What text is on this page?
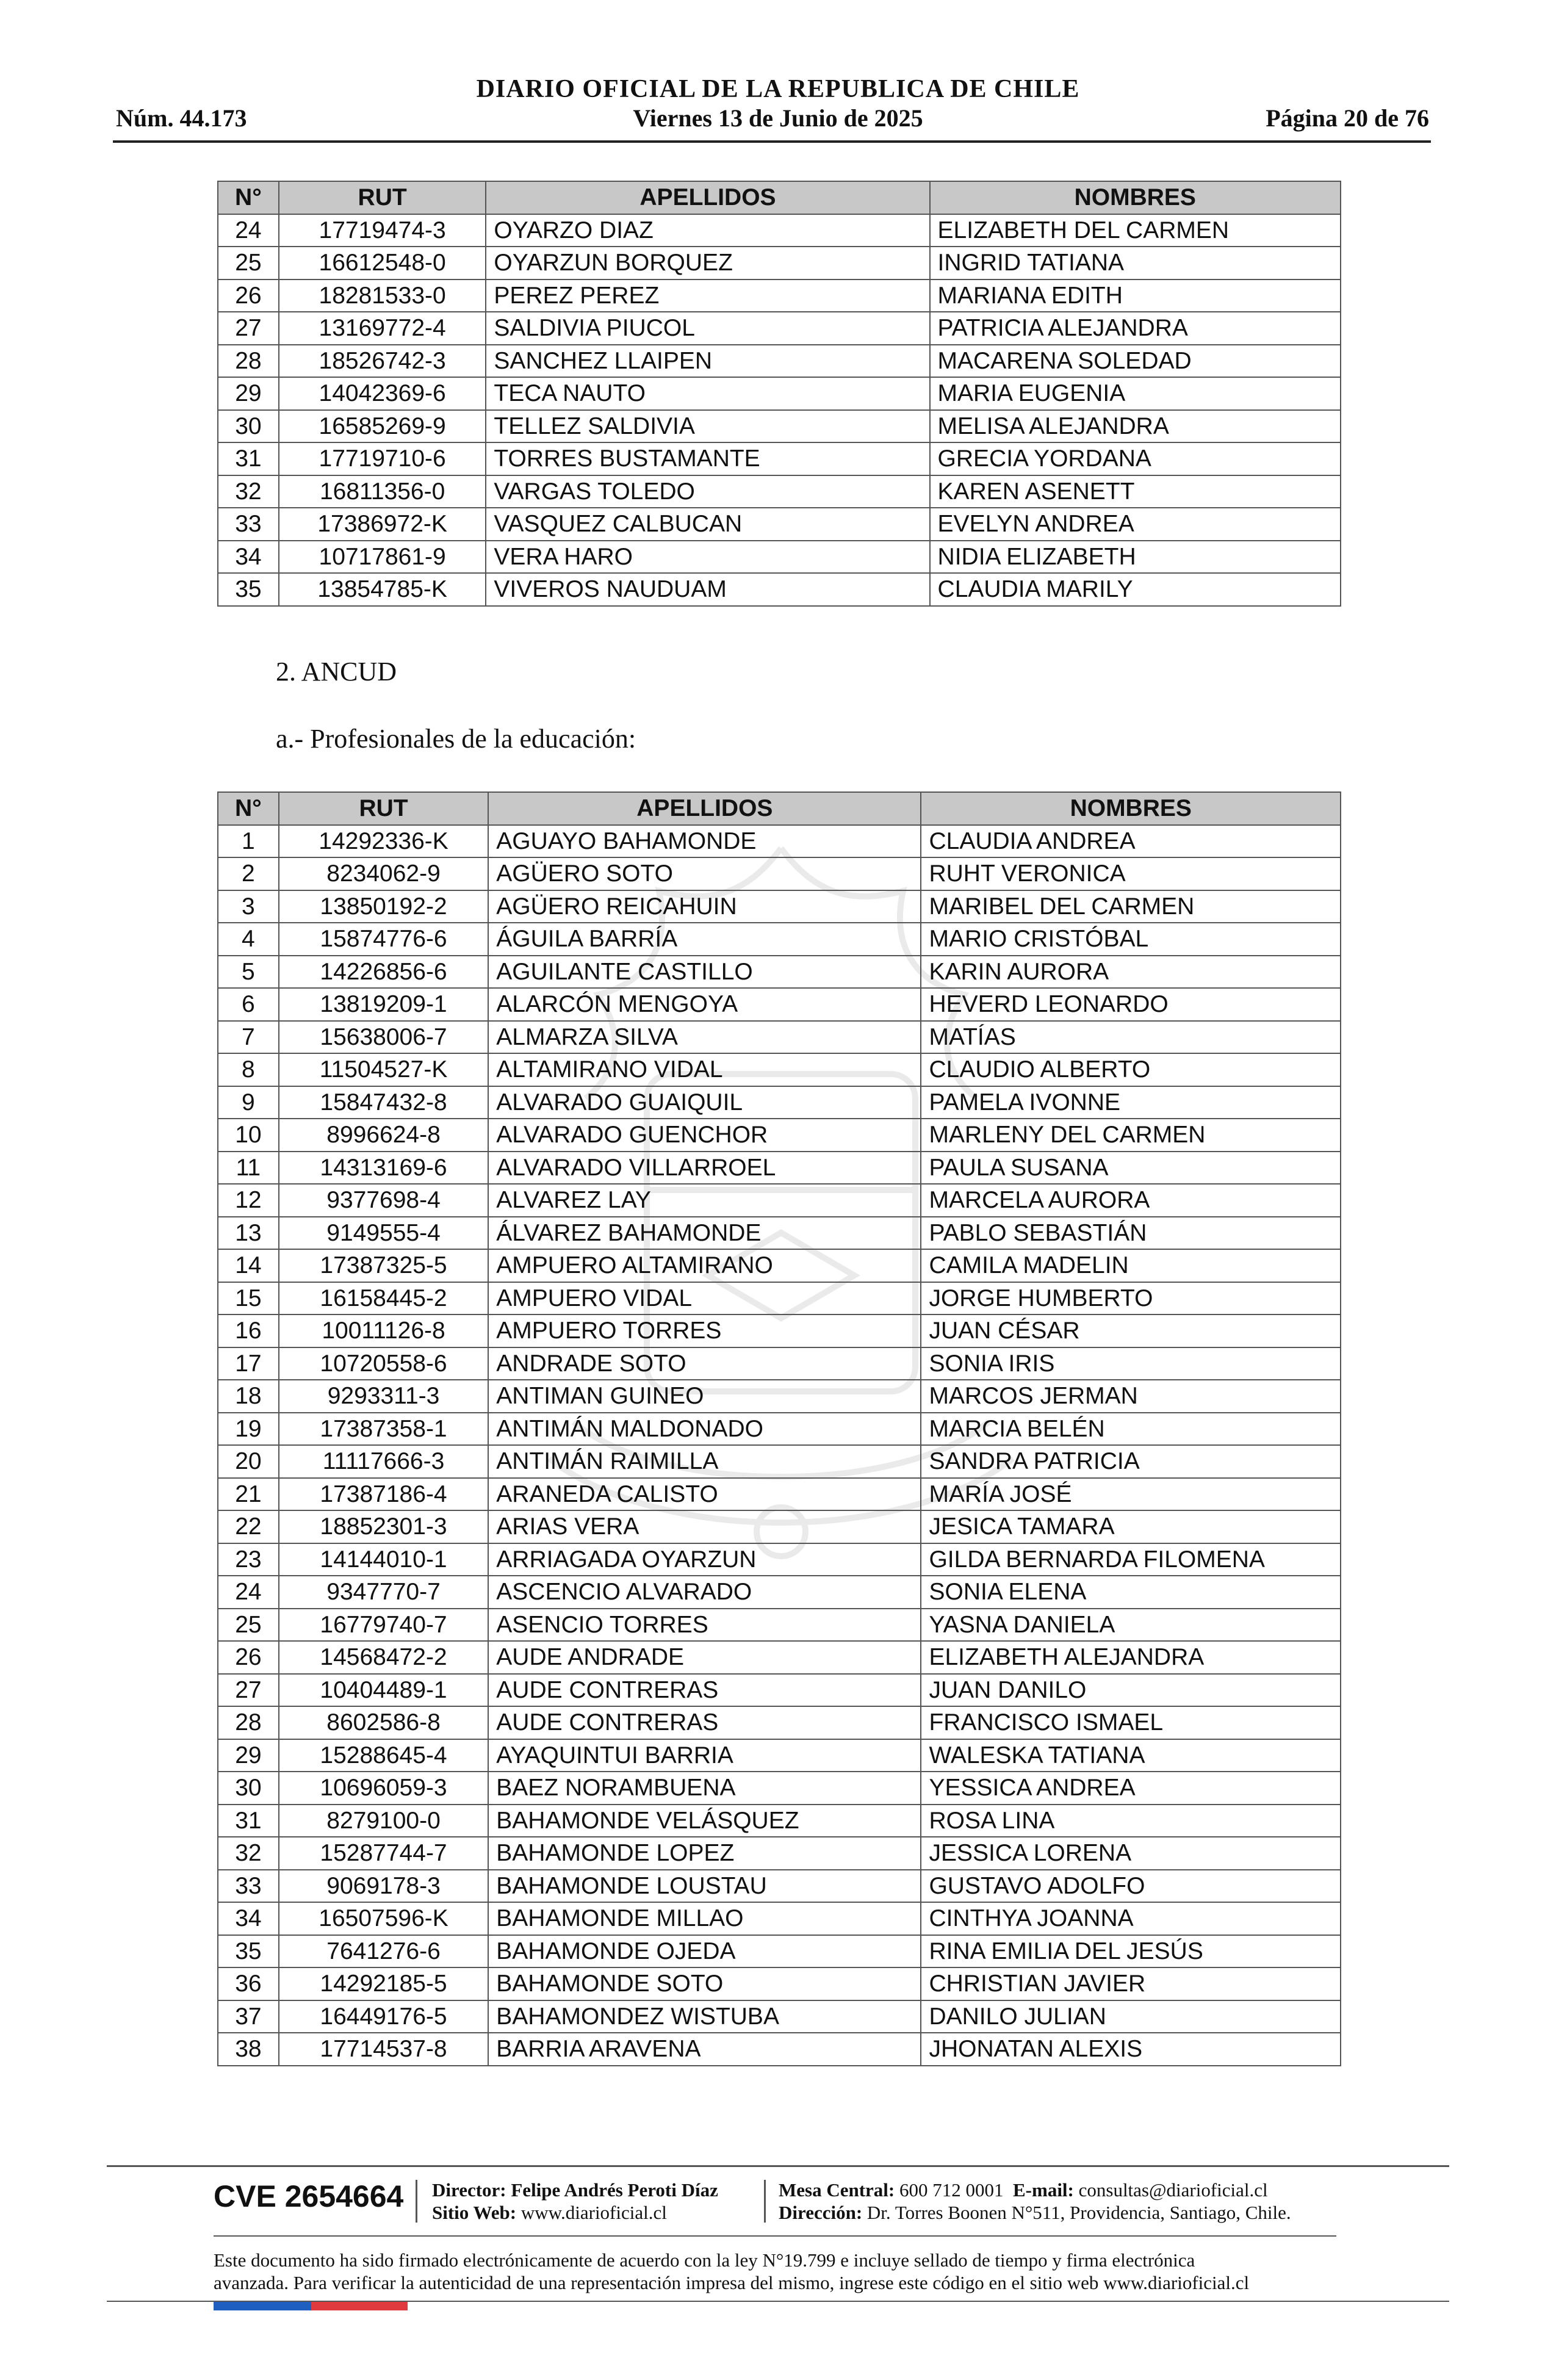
DIARIO OFICIAL DE LA REPUBLICA DE CHILE
Núm. 44.173	Viernes 13 de Junio de 2025	Página 20 de 76
N°	RUT	APELLIDOS	NOMBRES
24	17719474-3	OYARZO DIAZ	ELIZABETH DEL CARMEN
25	16612548-0	OYARZUN BORQUEZ	INGRID TATIANA
26	18281533-0	PEREZ PEREZ	MARIANA EDITH
27	13169772-4	SALDIVIA PIUCOL	PATRICIA ALEJANDRA
28	18526742-3	SANCHEZ LLAIPEN	MACARENA SOLEDAD
29	14042369-6	TECA NAUTO	MARIA EUGENIA
30	16585269-9	TELLEZ SALDIVIA	MELISA ALEJANDRA
31	17719710-6	TORRES BUSTAMANTE	GRECIA YORDANA
32	16811356-0	VARGAS TOLEDO	KAREN ASENETT
33	17386972-K	VASQUEZ CALBUCAN	EVELYN ANDREA
34	10717861-9	VERA HARO	NIDIA ELIZABETH
35	13854785-K	VIVEROS NAUDUAM	CLAUDIA MARILY
2. ANCUD
a.- Profesionales de la educación:
N°	RUT	APELLIDOS	NOMBRES
1	14292336-K	AGUAYO BAHAMONDE	CLAUDIA ANDREA
2	8234062-9	AGÜERO SOTO	RUHT VERONICA
3	13850192-2	AGÜERO REICAHUIN	MARIBEL DEL CARMEN
4	15874776-6	ÁGUILA BARRÍA	MARIO CRISTÓBAL
5	14226856-6	AGUILANTE CASTILLO	KARIN AURORA
6	13819209-1	ALARCÓN MENGOYA	HEVERD LEONARDO
7	15638006-7	ALMARZA SILVA	MATÍAS
8	11504527-K	ALTAMIRANO VIDAL	CLAUDIO ALBERTO
9	15847432-8	ALVARADO GUAIQUIL	PAMELA IVONNE
10	8996624-8	ALVARADO GUENCHOR	MARLENY DEL CARMEN
11	14313169-6	ALVARADO VILLARROEL	PAULA SUSANA
12	9377698-4	ALVAREZ LAY	MARCELA AURORA
13	9149555-4	ÁLVAREZ BAHAMONDE	PABLO SEBASTIÁN
14	17387325-5	AMPUERO ALTAMIRANO	CAMILA MADELIN
15	16158445-2	AMPUERO VIDAL	JORGE HUMBERTO
16	10011126-8	AMPUERO TORRES	JUAN CÉSAR
17	10720558-6	ANDRADE SOTO	SONIA IRIS
18	9293311-3	ANTIMAN GUINEO	MARCOS JERMAN
19	17387358-1	ANTIMÁN MALDONADO	MARCIA BELÉN
20	11117666-3	ANTIMÁN RAIMILLA	SANDRA PATRICIA
21	17387186-4	ARANEDA CALISTO	MARÍA JOSÉ
22	18852301-3	ARIAS VERA	JESICA TAMARA
23	14144010-1	ARRIAGADA OYARZUN	GILDA BERNARDA FILOMENA
24	9347770-7	ASCENCIO ALVARADO	SONIA ELENA
25	16779740-7	ASENCIO TORRES	YASNA DANIELA
26	14568472-2	AUDE ANDRADE	ELIZABETH ALEJANDRA
27	10404489-1	AUDE CONTRERAS	JUAN DANILO
28	8602586-8	AUDE CONTRERAS	FRANCISCO ISMAEL
29	15288645-4	AYAQUINTUI BARRIA	WALESKA TATIANA
30	10696059-3	BAEZ NORAMBUENA	YESSICA ANDREA
31	8279100-0	BAHAMONDE VELÁSQUEZ	ROSA LINA
32	15287744-7	BAHAMONDE LOPEZ	JESSICA LORENA
33	9069178-3	BAHAMONDE LOUSTAU	GUSTAVO ADOLFO
34	16507596-K	BAHAMONDE MILLAO	CINTHYA JOANNA
35	7641276-6	BAHAMONDE OJEDA	RINA EMILIA DEL JESÚS
36	14292185-5	BAHAMONDE SOTO	CHRISTIAN JAVIER
37	16449176-5	BAHAMONDEZ WISTUBA	DANILO JULIAN
38	17714537-8	BARRIA ARAVENA	JHONATAN ALEXIS
CVE 2654664 Director: Felipe Andrés Peroti Díaz
Sitio Web: www.diarioficial.cl
Mesa Central: 600 712 0001 E-mail: consultas@diarioficial.cl
Dirección: Dr. Torres Boonen N°511, Providencia, Santiago, Chile.
Este documento ha sido firmado electrónicamente de acuerdo con la ley N°19.799 e incluye sellado de tiempo y firma electrónica
avanzada. Para verificar la autenticidad de una representación impresa del mismo, ingrese este código en el sitio web www.diarioficial.cl
